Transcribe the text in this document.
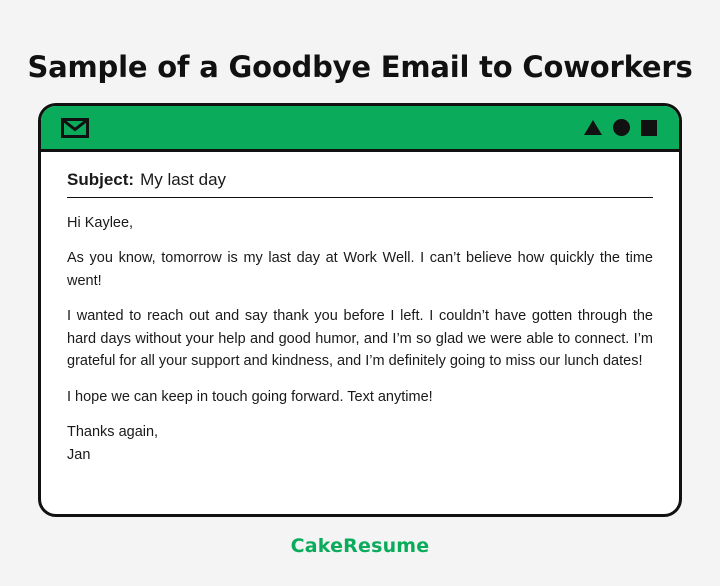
Sample of a Goodbye Email to Coworkers
Subject: My last day

Hi Kaylee,

As you know, tomorrow is my last day at Work Well. I can’t believe how quickly the time went!

I wanted to reach out and say thank you before I left. I couldn’t have gotten through the hard days without your help and good humor, and I’m so glad we were able to connect. I’m grateful for all your support and kindness, and I’m definitely going to miss our lunch dates!

I hope we can keep in touch going forward. Text anytime!

Thanks again,

Jan

CakeResume
